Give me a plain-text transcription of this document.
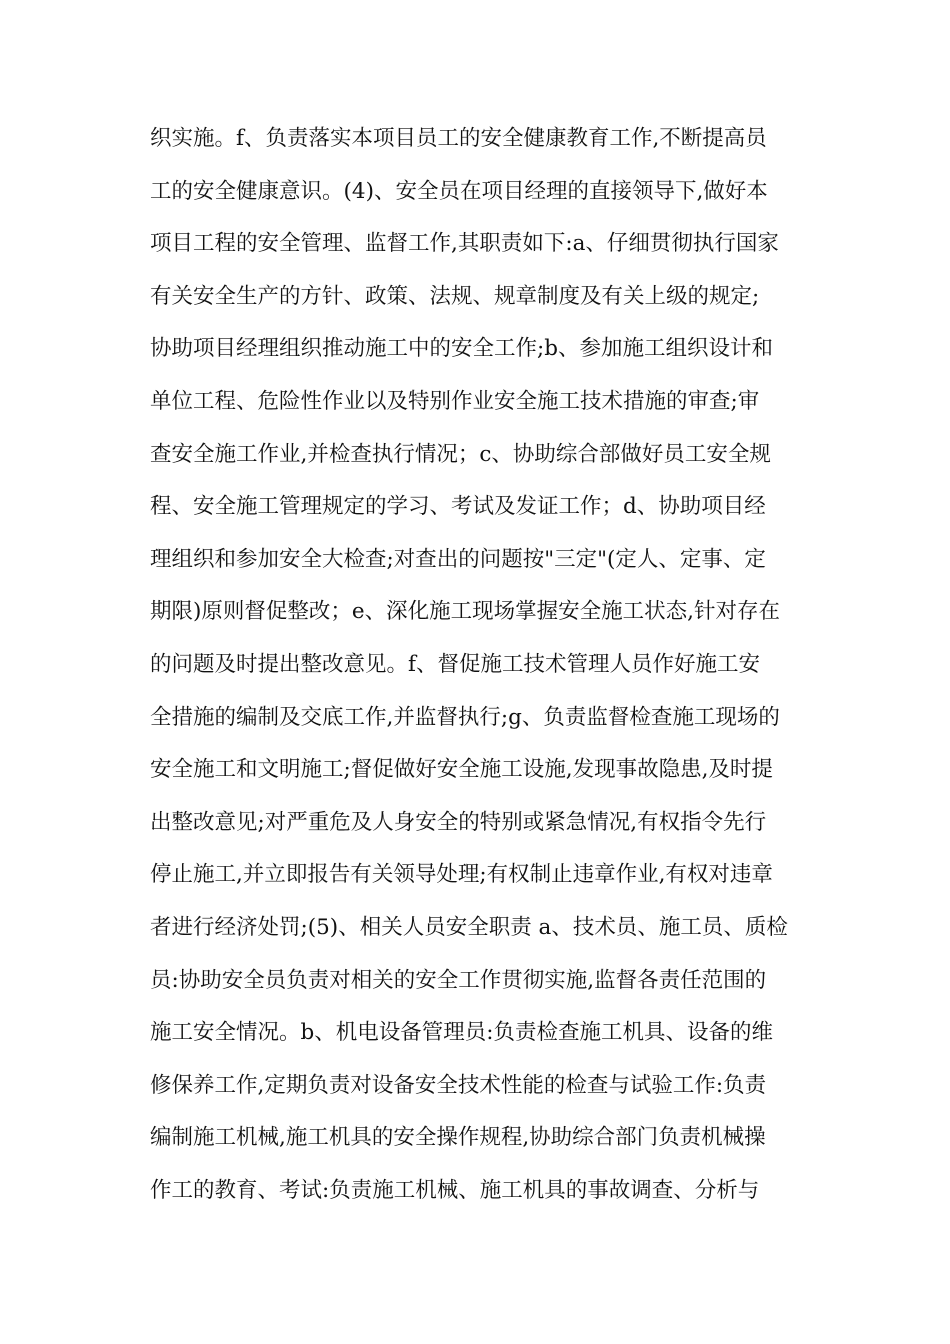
织实施。f、负责落实本项目员工的安全健康教育工作,不断提高员
工的安全健康意识。(4)、安全员在项目经理的直接领导下,做好本
项目工程的安全管理、监督工作,其职责如下:a、仔细贯彻执行国家
有关安全生产的方针、政策、法规、规章制度及有关上级的规定;
协助项目经理组织推动施工中的安全工作;b、参加施工组织设计和
单位工程、危险性作业以及特别作业安全施工技术措施的审查;审
查安全施工作业,并检查执行情况；c、协助综合部做好员工安全规
程、安全施工管理规定的学习、考试及发证工作；d、协助项目经
理组织和参加安全大检查;对查出的问题按"三定"(定人、定事、定
期限)原则督促整改；e、深化施工现场掌握安全施工状态,针对存在
的问题及时提出整改意见。f、督促施工技术管理人员作好施工安
全措施的编制及交底工作,并监督执行;g、负责监督检查施工现场的
安全施工和文明施工;督促做好安全施工设施,发现事故隐患,及时提
出整改意见;对严重危及人身安全的特别或紧急情况,有权指令先行
停止施工,并立即报告有关领导处理;有权制止违章作业,有权对违章
者进行经济处罚;(5)、相关人员安全职责 a、技术员、施工员、质检
员:协助安全员负责对相关的安全工作贯彻实施,监督各责任范围的
施工安全情况。b、机电设备管理员:负责检查施工机具、设备的维
修保养工作,定期负责对设备安全技术性能的检查与试验工作:负责
编制施工机械,施工机具的安全操作规程,协助综合部门负责机械操
作工的教育、考试:负责施工机械、施工机具的事故调查、分析与
